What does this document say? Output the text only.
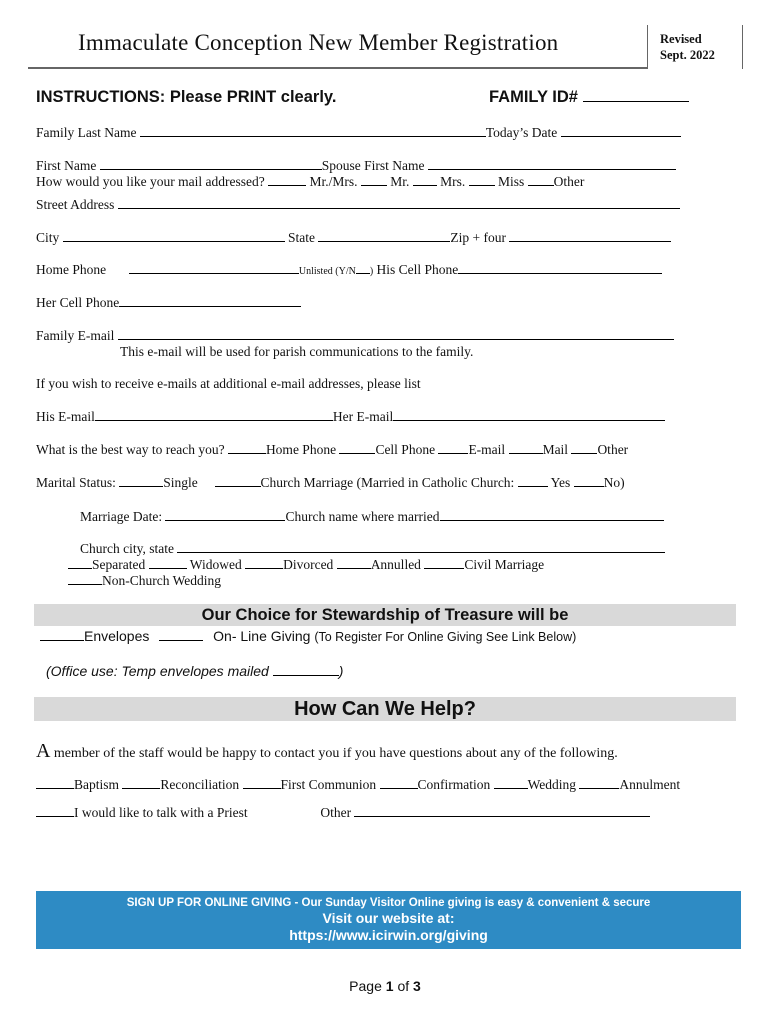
Immaculate Conception New Member Registration	Revised
Sept. 2022
INSTRUCTIONS: Please PRINT clearly.	FAMILY ID#
Family Last Name	Today’s Date
First Name	Spouse First Name
How would you like your mail addressed?	Mr./Mrs. Mr. Mrs. Miss Other
Street Address
City	State	Zip + four
Home Phone	Unlisted (Y/N ) His Cell Phone
Her Cell Phone
Family E-mail
This e-mail will be used for parish communications to the family.
If you wish to receive e-mails at additional e-mail addresses, please list
His E-mail	Her E-mail
What is the best way to reach you?	Home Phone	Cell Phone E-mail	Mail Other
Marital Status:	Single	Church Marriage (Married in Catholic Church:	Yes No)
Marriage Date:	Church name where married
Church city, state
Separated	Widowed	Divorced	Annulled	Civil Marriage
Non-Church Wedding
Our Choice for Stewardship of Treasure will be
Envelopes	On- Line Giving (To Register For Online Giving See Link Below)
(Office use: Temp envelopes mailed	)
How Can We Help?
A member of the staff would be happy to contact you if you have questions about any of the following.
Baptism	Reconciliation	First Communion	Confirmation	Wedding	Annulment
I would like to talk with a Priest	Other
SIGN UP FOR ONLINE GIVING - Our Sunday Visitor Online giving is easy & convenient & secure
Visit our website at:
https://www.icirwin.org/giving
Page 1 of 3
